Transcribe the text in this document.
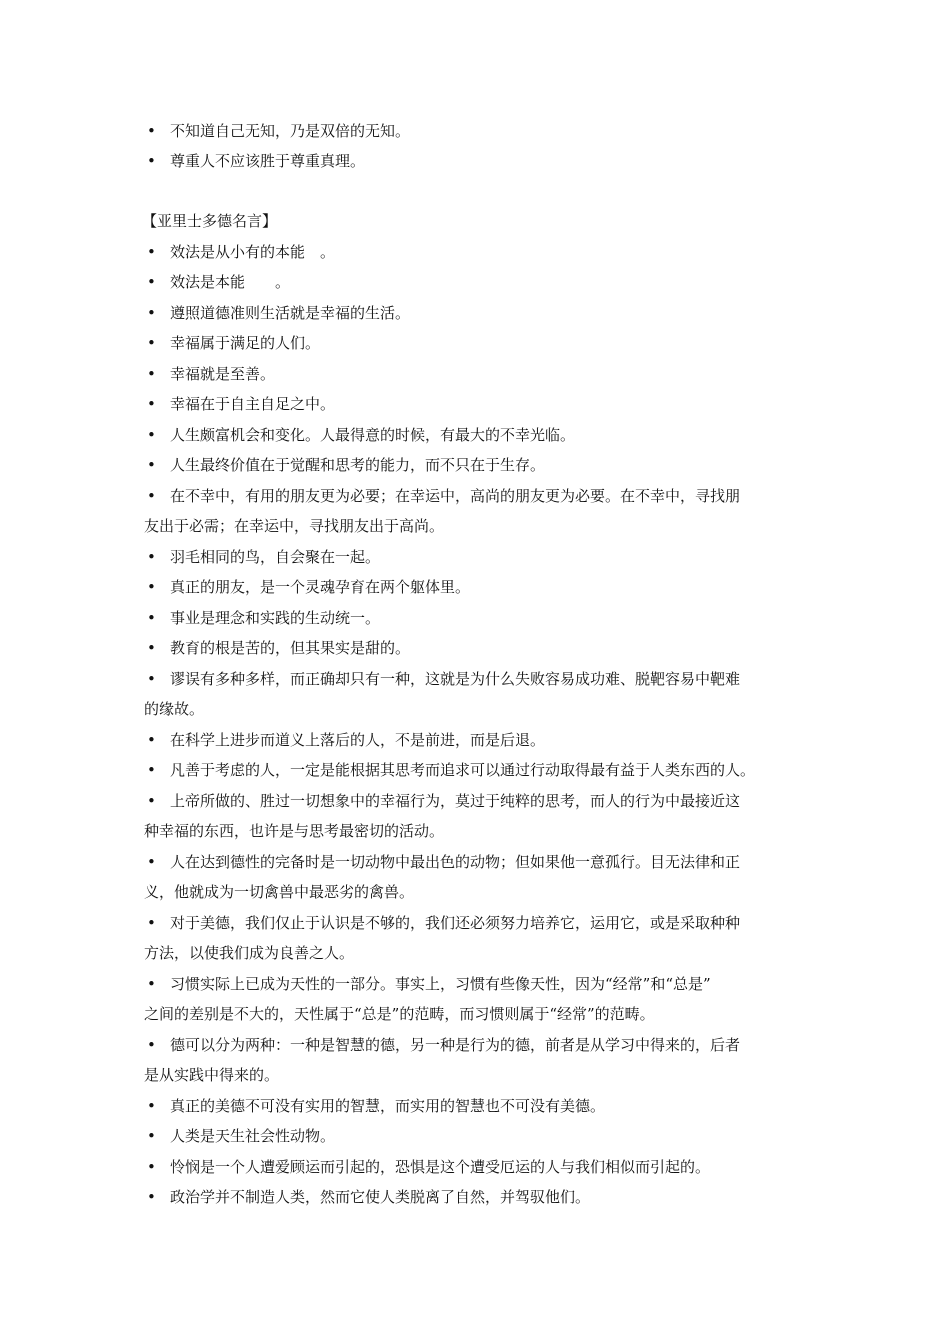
• 不知道自己无知，乃是双倍的无知。
• 尊重人不应该胜于尊重真理。
【亚里士多德名言】
• 效法是从小有的本能　。
• 效法是本能　　。
• 遵照道德准则生活就是幸福的生活。
• 幸福属于满足的人们。
• 幸福就是至善。
• 幸福在于自主自足之中。
• 人生颇富机会和变化。人最得意的时候，有最大的不幸光临。
• 人生最终价值在于觉醒和思考的能力，而不只在于生存。
• 在不幸中，有用的朋友更为必要；在幸运中，高尚的朋友更为必要。在不幸中，寻找朋
友出于必需；在幸运中，寻找朋友出于高尚。
• 羽毛相同的鸟，自会聚在一起。
• 真正的朋友，是一个灵魂孕育在两个躯体里。
• 事业是理念和实践的生动统一。
• 教育的根是苦的，但其果实是甜的。
• 谬误有多种多样，而正确却只有一种，这就是为什么失败容易成功难、脱靶容易中靶难
的缘故。
• 在科学上进步而道义上落后的人，不是前进，而是后退。
• 凡善于考虑的人，一定是能根据其思考而追求可以通过行动取得最有益于人类东西的人。
• 上帝所做的、胜过一切想象中的幸福行为，莫过于纯粹的思考，而人的行为中最接近这
种幸福的东西，也许是与思考最密切的活动。
• 人在达到德性的完备时是一切动物中最出色的动物；但如果他一意孤行。目无法律和正
义，他就成为一切禽兽中最恶劣的禽兽。
• 对于美德，我们仅止于认识是不够的，我们还必须努力培养它，运用它，或是采取种种
方法，以使我们成为良善之人。
• 习惯实际上已成为天性的一部分。事实上，习惯有些像天性，因为“经常”和“总是”
之间的差别是不大的，天性属于“总是”的范畴，而习惯则属于“经常”的范畴。
• 德可以分为两种：一种是智慧的德，另一种是行为的德，前者是从学习中得来的，后者
是从实践中得来的。
• 真正的美德不可没有实用的智慧，而实用的智慧也不可没有美德。
• 人类是天生社会性动物。
• 怜悯是一个人遭爱顾运而引起的，恐惧是这个遭受厄运的人与我们相似而引起的。
• 政治学并不制造人类，然而它使人类脱离了自然，并驾驭他们。
